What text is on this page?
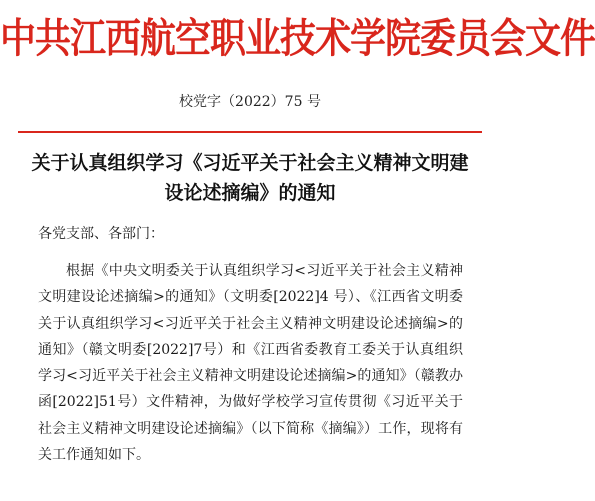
中共江西航空职业技术学院委员会文件
校党字（2022）75 号
关于认真组织学习《习近平关于社会主义精神文明建设论述摘编》的通知
各党支部、各部门：
根据《中央文明委关于认真组织学习<习近平关于社会主义精神文明建设论述摘编>的通知》（文明委[2022]4 号）、《江西省文明委关于认真组织学习<习近平关于社会主义精神文明建设论述摘编>的通知》（赣文明委[2022]7号）和《江西省委教育工委关于认真组织学习<习近平关于社会主义精神文明建设论述摘编>的通知》（赣教办函[2022]51号）文件精神，为做好学校学习宣传贯彻《习近平关于社会主义精神文明建设论述摘编》（以下简称《摘编》）工作，现将有关工作通知如下。
